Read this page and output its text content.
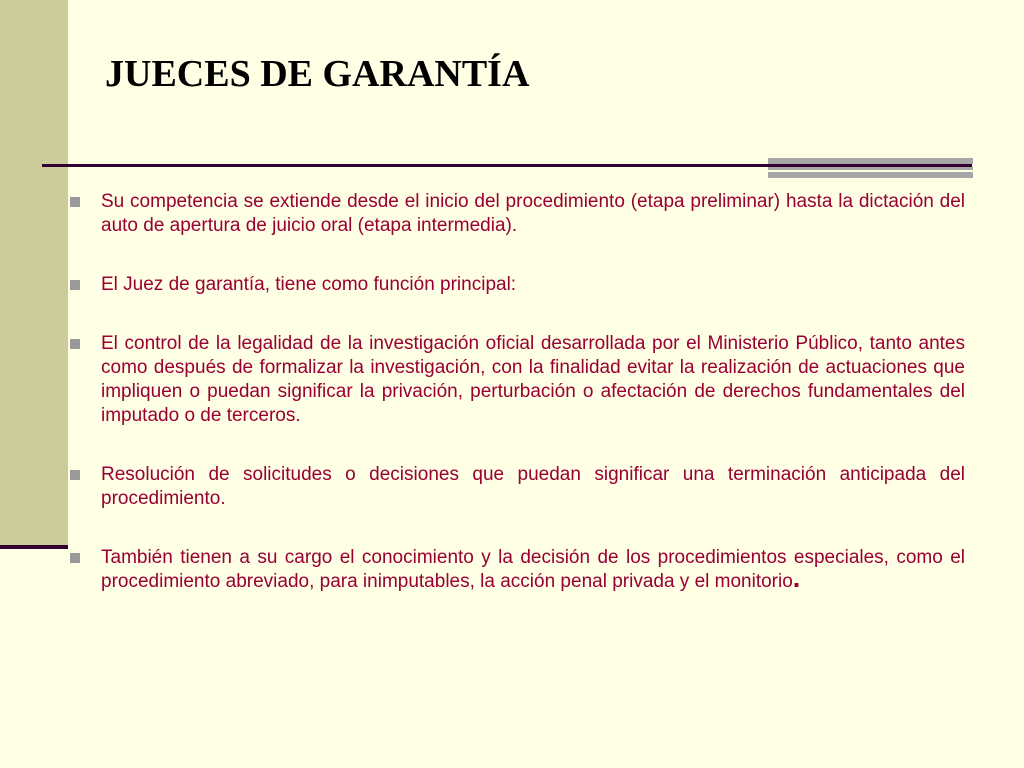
JUECES DE GARANTÍA
Su competencia se extiende desde el inicio del procedimiento (etapa preliminar) hasta la dictación del auto de apertura de juicio oral (etapa intermedia).
El Juez de garantía, tiene como función principal:
El control de la legalidad de la investigación oficial desarrollada por el Ministerio Público, tanto antes como después de formalizar la investigación, con la finalidad evitar la realización de actuaciones que impliquen o puedan significar la privación, perturbación o afectación de derechos fundamentales del imputado o de terceros.
Resolución de solicitudes o decisiones que puedan significar una terminación anticipada del procedimiento.
También tienen a su cargo el conocimiento y la decisión de los procedimientos especiales, como el procedimiento abreviado, para inimputables, la acción penal privada y el monitorio.
